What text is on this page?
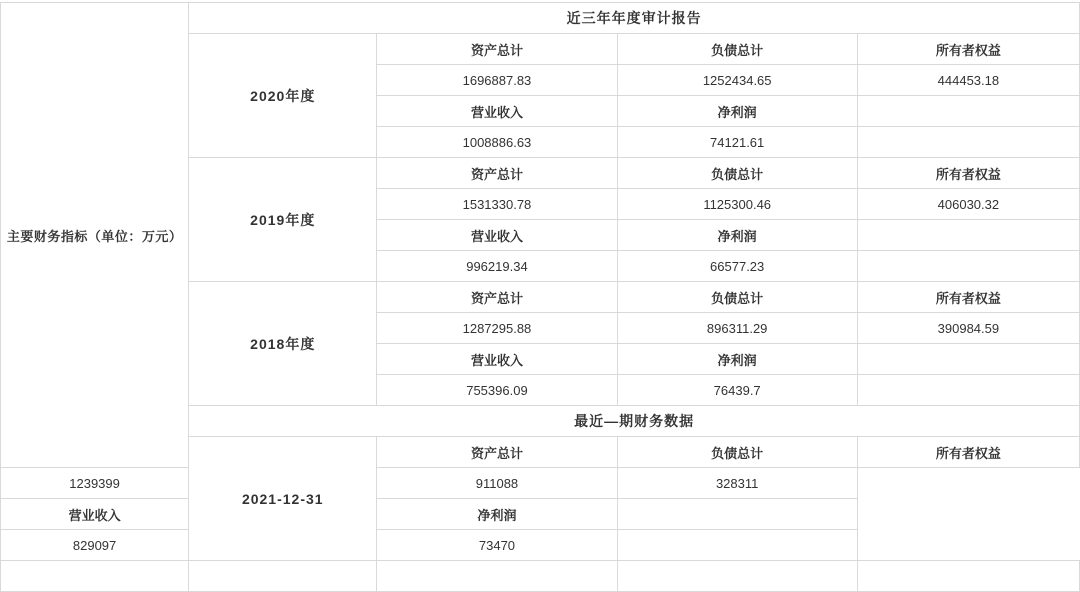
主要财务指标（单位：万元）	近三年年度审计报告			
	2020年度	资产总计	负债总计	所有者权益
		1696887.83	1252434.65	444453.18
		营业收入	净利润	
		1008886.63	74121.61	
	2019年度	资产总计	负债总计	所有者权益
		1531330.78	1125300.46	406030.32
		营业收入	净利润	
		996219.34	66577.23	
	2018年度	资产总计	负债总计	所有者权益
		1287295.88	896311.29	390984.59
		营业收入	净利润	
		755396.09	76439.7	
	最近—期财务数据			
	2021-12-31	资产总计	负债总计	所有者权益
1239399		911088	328311	
营业收入		净利润		
829097		73470		
